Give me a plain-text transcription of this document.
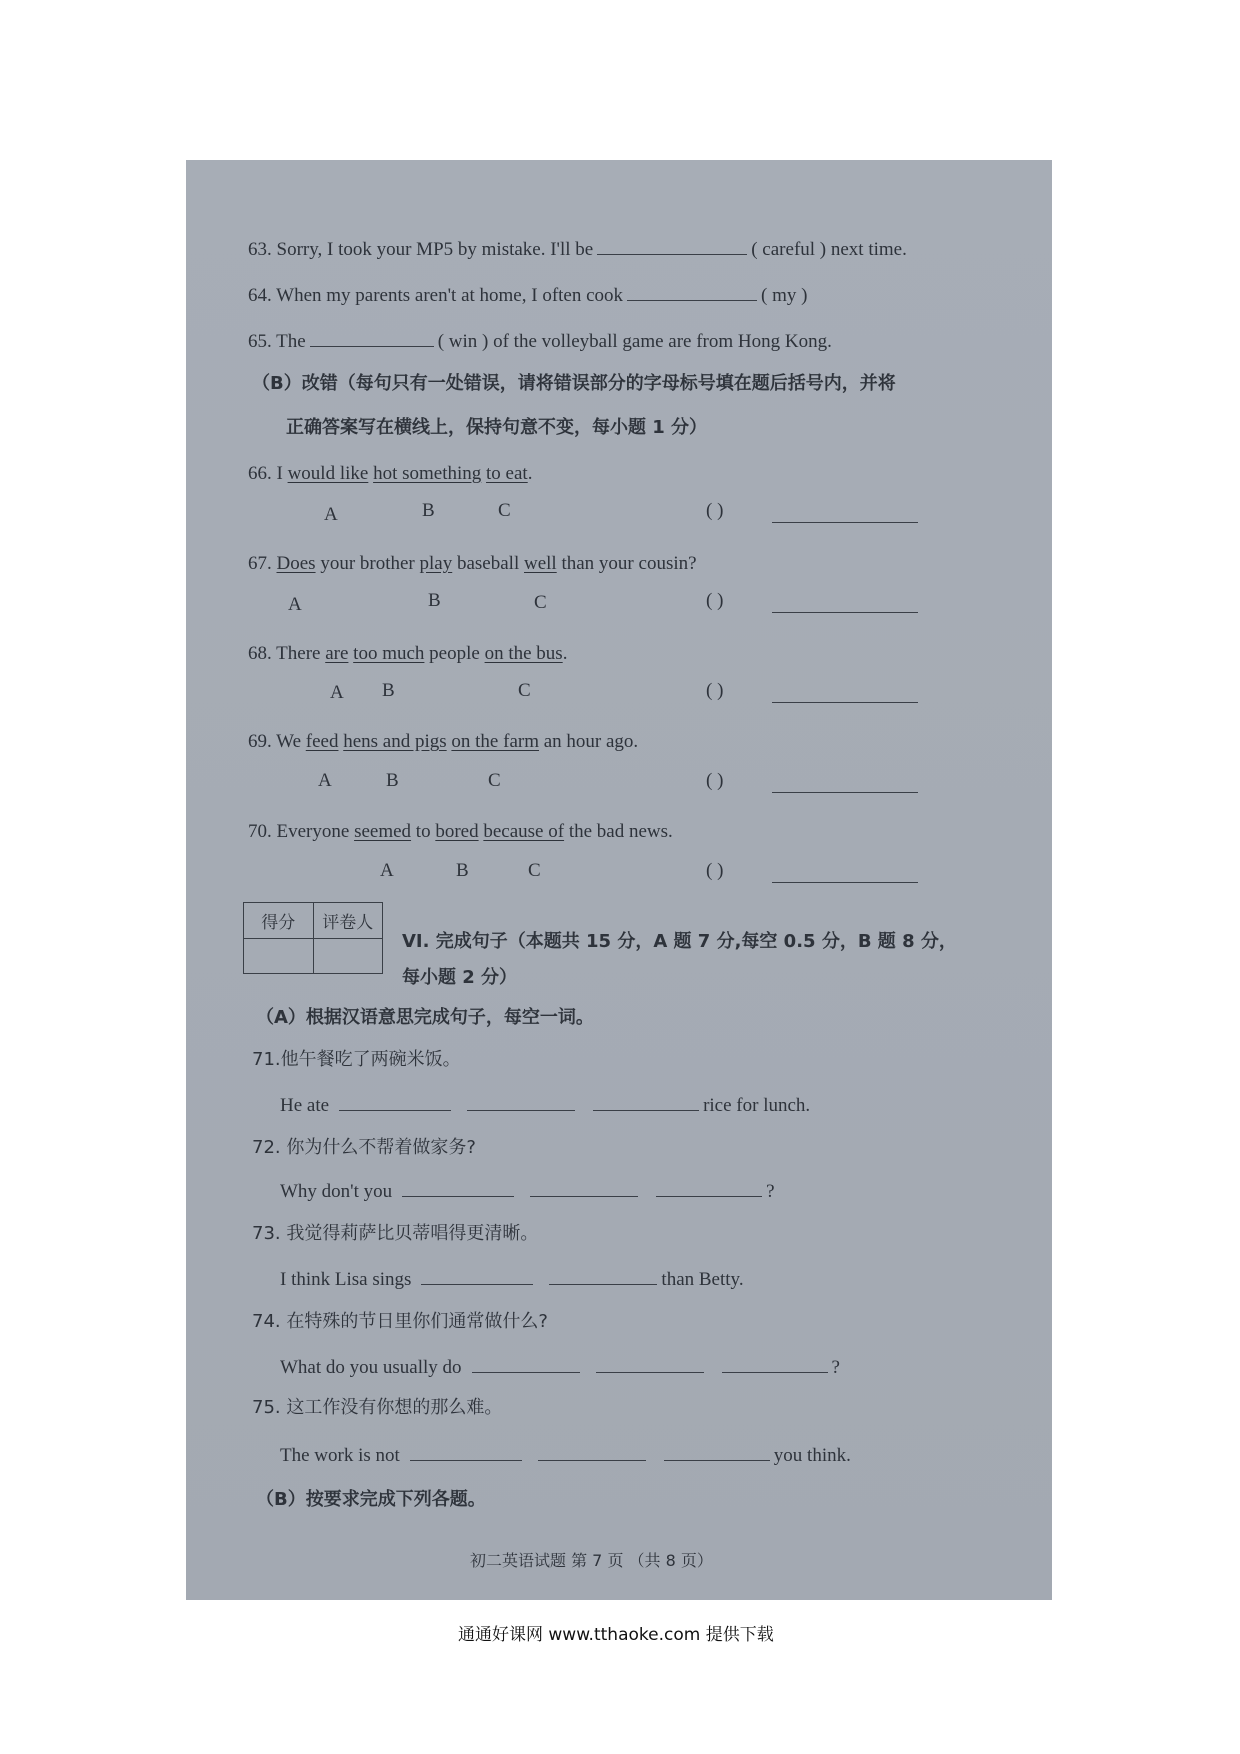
63. Sorry, I took your MP5 by mistake. I'll be	( careful ) next time.
64. When my parents aren't at home, I often cook	( my )
65. The	( win ) of the volleyball game are from Hong Kong.
（B）改错（每句只有一处错误，请将错误部分的字母标号填在题后括号内，并将
正确答案写在横线上，保持句意不变，每小题 1 分）
66. I would like hot something to eat.
A	B	C	( )
67. Does your brother play baseball well than your cousin?
A	B	C	( )
68. There are too much people on the bus.
A B	C	( )
69. We feed hens and pigs on the farm an hour ago.
A	B	C	( )
70. Everyone seemed to bored because of the bad news.
A	B	C	( )
VI. 完成句子（本题共 15 分，A 题 7 分,每空 0.5 分，B 题 8 分，
每小题 2 分）
（A）根据汉语意思完成句子，每空一词。
71.他午餐吃了两碗米饭。
He ate	rice for lunch.
72. 你为什么不帮着做家务?
Why don't you	?
73. 我觉得莉萨比贝蒂唱得更清晰。
I think Lisa sings	than Betty.
74. 在特殊的节日里你们通常做什么?
What do you usually do	?
75. 这工作没有你想的那么难。
The work is not	you think.
（B）按要求完成下列各题。
得分	评卷人

初二英语试题 第 7 页 （共 8 页）
通通好课网 www.tthaoke.com 提供下载
